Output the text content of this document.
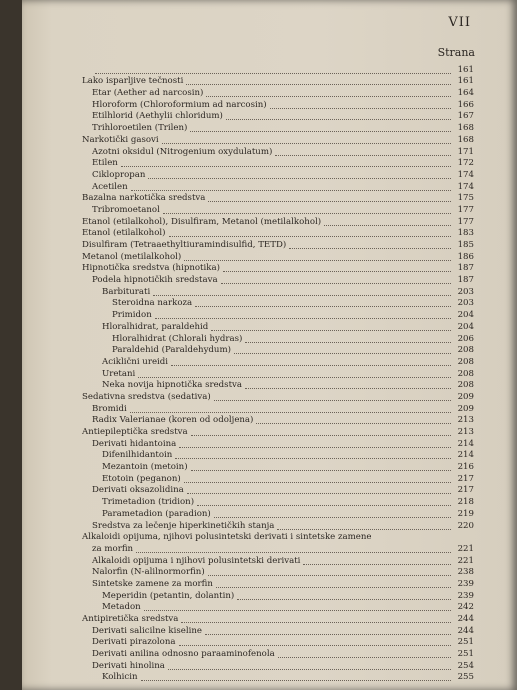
VII
Strana
161
Lako isparljive tečnosti	161
Etar (Aether ad narcosin)	164
Hloroform (Chloroformium ad narcosin)	166
Etilhlorid (Aethylii chloridum)	167
Trihloroetilen (Trilen)	168
Narkotički gasovi	168
Azotni oksidul (Nitrogenium oxydulatum)	171
Etilen	172
Ciklopropan	174
Acetilen	174
Bazalna narkotička sredstva	175
Tribromoetanol	177
Etanol (etilalkohol), Disulfiram, Metanol (metilalkohol)	177
Etanol (etilalkohol)	183
Disulfiram (Tetraaethyltiuramindisulfid, TETD)	185
Metanol (metilalkohol)	186
Hipnotička sredstva (hipnotika)	187
Podela hipnotičkih sredstava	187
Barbiturati	203
Steroidna narkoza	203
Primidon	204
Hloralhidrat, paraldehid	204
Hloralhidrat (Chlorali hydras)	206
Paraldehid (Paraldehydum)	208
Aciklični ureidi	208
Uretani	208
Neka novija hipnotička sredstva	208
Sedativna sredstva (sedativa)	209
Bromidi	209
Radix Valerianae (koren od odoljena)	213
Antiepileptička sredstva	213
Derivati hidantoina	214
Difenilhidantoin	214
Mezantoin (metoin)	216
Etotoin (peganon)	217
Derivati oksazolidina	217
Trimetadion (tridion)	218
Parametadion (paradion)	219
Sredstva za lečenje hiperkinetičkih stanja	220
Alkaloidi opijuma, njihovi polusintetski derivati i sintetske zamene
za morfin	221
Alkaloidi opijuma i njihovi polusintetski derivati	221
Nalorfin (N-alilnormorfin)	238
Sintetske zamene za morfin	239
Meperidin (petantin, dolantin)	239
Metadon	242
Antipiretička sredstva	244
Derivati salicilne kiseline	244
Derivati pirazolona	251
Derivati anilina odnosno paraaminofenola	251
Derivati hinolina	254
Kolhicin	255
